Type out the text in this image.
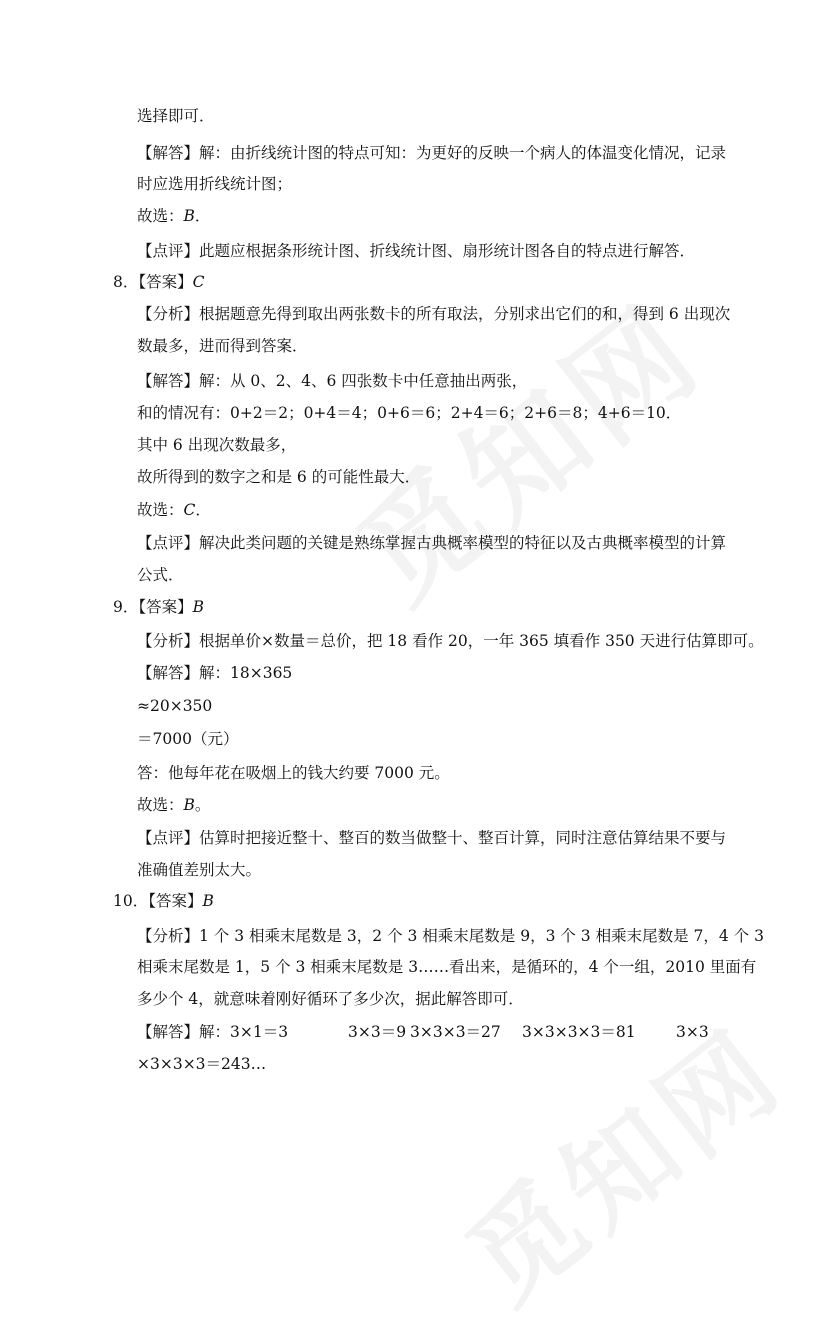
选择即可．
【解答】解：由折线统计图的特点可知：为更好的反映一个病人的体温变化情况，记录
时应选用折线统计图；
故选：B．
【点评】此题应根据条形统计图、折线统计图、扇形统计图各自的特点进行解答．
8．【答案】C
【分析】根据题意先得到取出两张数卡的所有取法，分别求出它们的和，得到 6 出现次
数最多，进而得到答案．
【解答】解：从 0、2、4、6 四张数卡中任意抽出两张，
和的情况有：0+2＝2；0+4＝4；0+6＝6；2+4＝6；2+6＝8；4+6＝10．
其中 6 出现次数最多，
故所得到的数字之和是 6 的可能性最大．
故选：C．
【点评】解决此类问题的关键是熟练掌握古典概率模型的特征以及古典概率模型的计算
公式．
9．【答案】B
【分析】根据单价×数量＝总价，把 18 看作 20，一年 365 填看作 350 天进行估算即可。
【解答】解：18×365
≈20×350
＝7000（元）
答：他每年花在吸烟上的钱大约要 7000 元。
故选：B。
【点评】估算时把接近整十、整百的数当做整十、整百计算，同时注意估算结果不要与
准确值差别太大。
10．【答案】B
【分析】1 个 3 相乘末尾数是 3，2 个 3 相乘末尾数是 9，3 个 3 相乘末尾数是 7，4 个 3
相乘末尾数是 1，5 个 3 相乘末尾数是 3……看出来，是循环的，4 个一组，2010 里面有
多少个 4，就意味着刚好循环了多少次，据此解答即可．
【解答】解：3×1＝3	3×3＝9 3×3×3＝27 3×3×3×3＝81	3×3
×3×3×3＝243…
